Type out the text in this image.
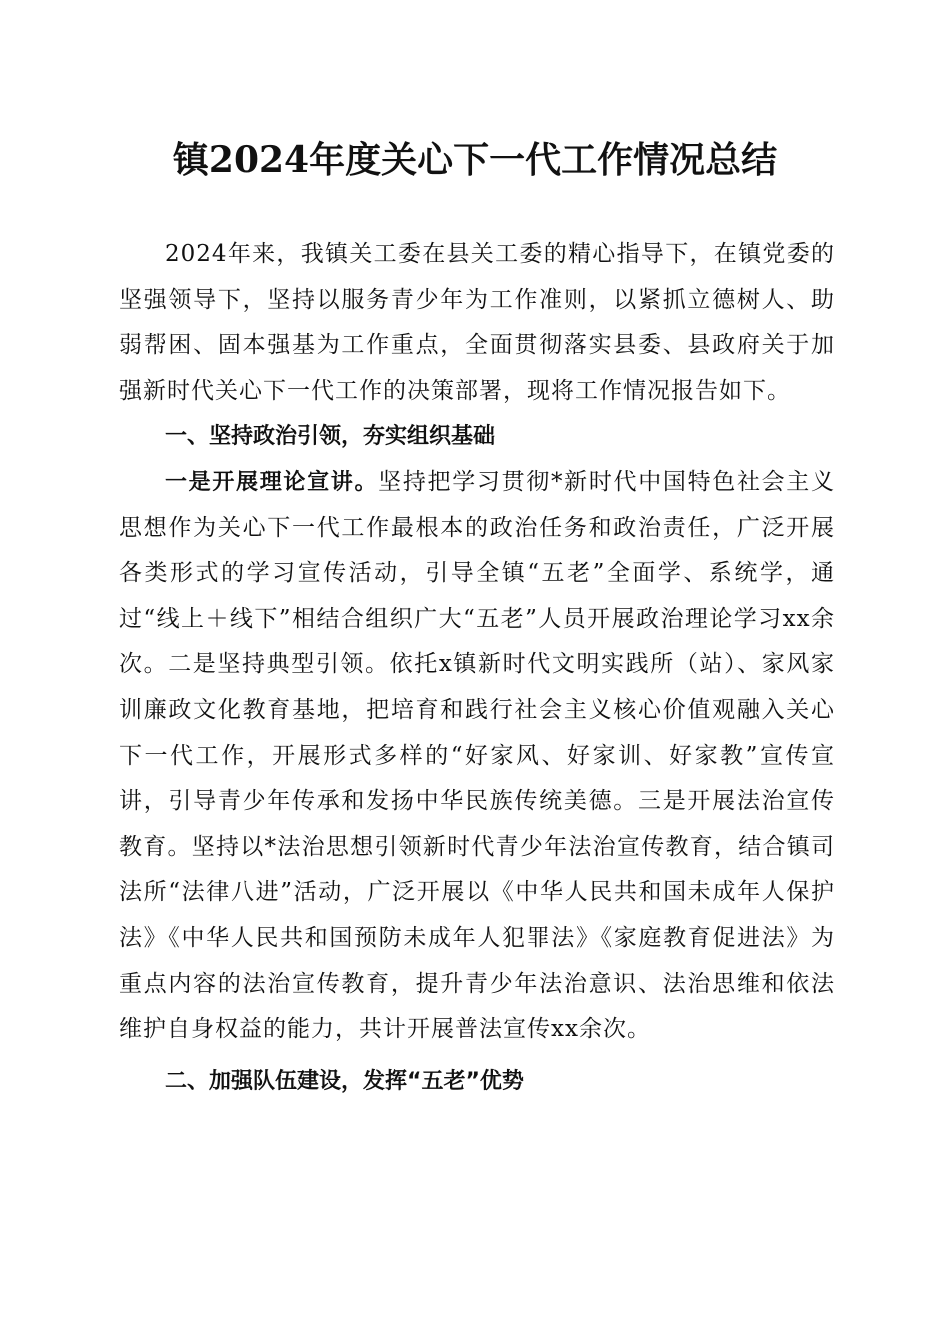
镇2024年度关心下一代工作情况总结

2024年来，我镇关工委在县关工委的精心指导下，在镇党委的坚强领导下，坚持以服务青少年为工作准则，以紧抓立德树人、助弱帮困、固本强基为工作重点，全面贯彻落实县委、县政府关于加强新时代关心下一代工作的决策部署，现将工作情况报告如下。

一、坚持政治引领，夯实组织基础

一是开展理论宣讲。坚持把学习贯彻*新时代中国特色社会主义思想作为关心下一代工作最根本的政治任务和政治责任，广泛开展各类形式的学习宣传活动，引导全镇“五老”全面学、系统学，通过“线上＋线下”相结合组织广大“五老”人员开展政治理论学习xx余次。二是坚持典型引领。依托x镇新时代文明实践所（站）、家风家训廉政文化教育基地，把培育和践行社会主义核心价值观融入关心下一代工作，开展形式多样的“好家风、好家训、好家教”宣传宣讲，引导青少年传承和发扬中华民族传统美德。三是开展法治宣传教育。坚持以*法治思想引领新时代青少年法治宣传教育，结合镇司法所“法律八进”活动，广泛开展以《中华人民共和国未成年人保护法》《中华人民共和国预防未成年人犯罪法》《家庭教育促进法》为重点内容的法治宣传教育，提升青少年法治意识、法治思维和依法维护自身权益的能力，共计开展普法宣传xx余次。

二、加强队伍建设，发挥“五老”优势
